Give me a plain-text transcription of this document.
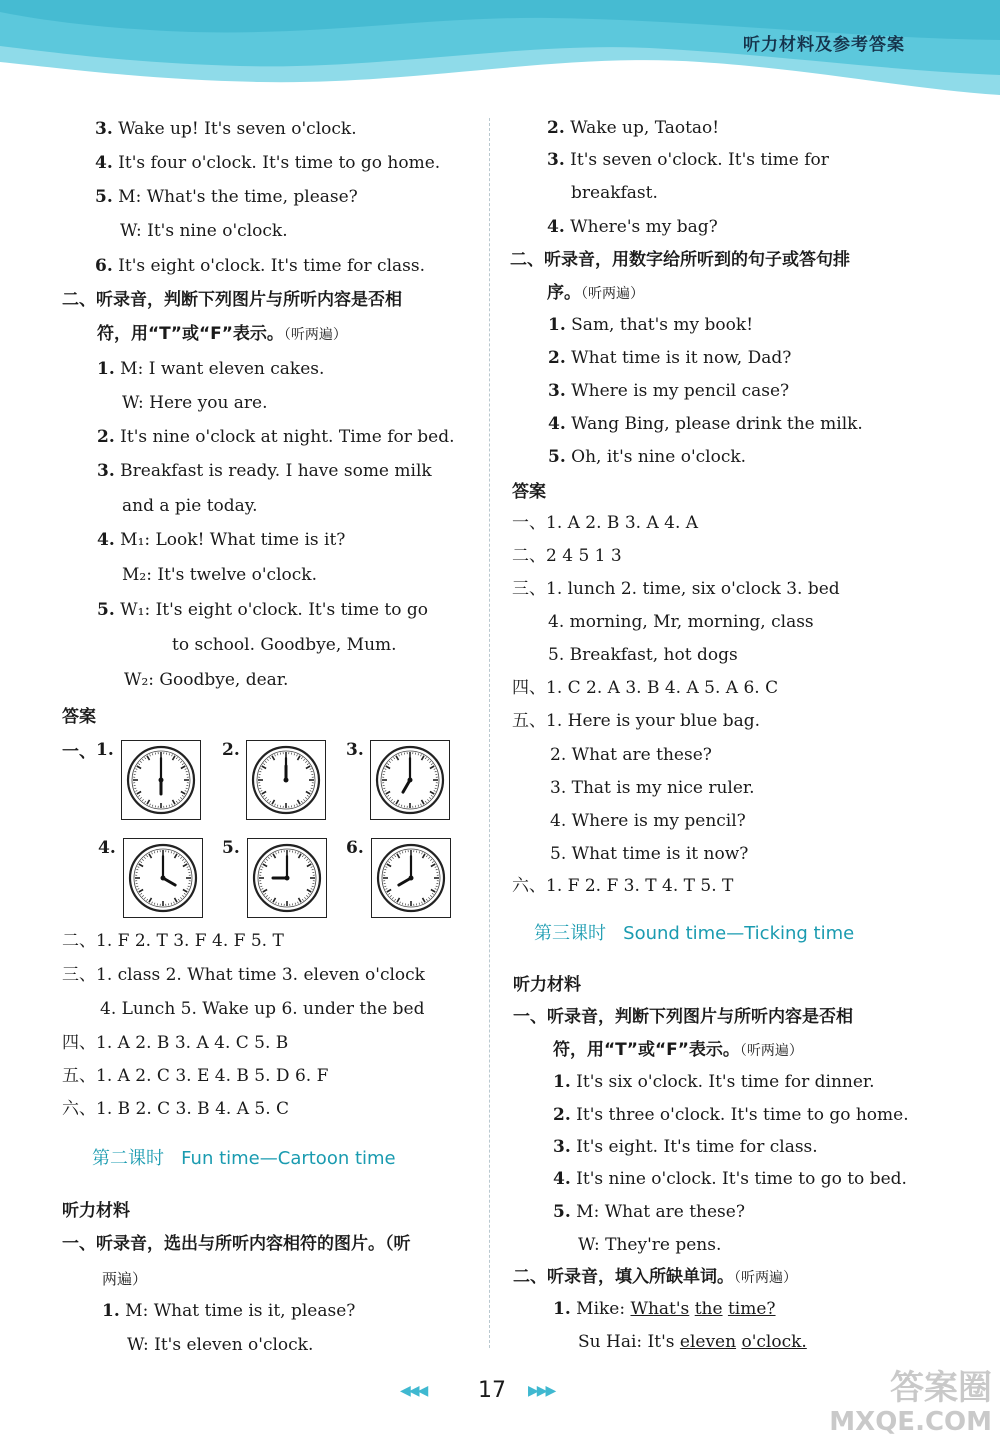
听力材料及参考答案
3. Wake up! It's seven o'clock.
4. It's four o'clock. It's time to go home.
5. M: What's the time, please?
W: It's nine o'clock.
6. It's eight o'clock. It's time for class.
二、听录音，判断下列图片与所听内容是否相
符，用“T”或“F”表示。（听两遍）
1. M: I want eleven cakes.
W: Here you are.
2. It's nine o'clock at night. Time for bed.
3. Breakfast is ready. I have some milk
and a pie today.
4. M₁: Look! What time is it?
M₂: It's twelve o'clock.
5. W₁: It's eight o'clock. It's time to go
to school. Goodbye, Mum.
W₂: Goodbye, dear.
答案
一、 1.	2.	3.
4.	5.	6.
二、1. F 2. T 3. F 4. F 5. T
三、1. class 2. What time 3. eleven o'clock
4. Lunch 5. Wake up 6. under the bed
四、1. A 2. B 3. A 4. C 5. B
五、1. A 2. C 3. E 4. B 5. D 6. F
六、1. B 2. C 3. B 4. A 5. C
第二课时 Fun time—Cartoon time
听力材料
一、听录音，选出与所听内容相符的图片。（听
两遍）
1. M: What time is it, please?
W: It's eleven o'clock.
2. Wake up, Taotao!
3. It's seven o'clock. It's time for
breakfast.
4. Where's my bag?
二、听录音，用数字给所听到的句子或答句排
序。（听两遍）
1. Sam, that's my book!
2. What time is it now, Dad?
3. Where is my pencil case?
4. Wang Bing, please drink the milk.
5. Oh, it's nine o'clock.
答案
一、1. A 2. B 3. A 4. A
二、2 4 5 1 3
三、1. lunch 2. time, six o'clock 3. bed
4. morning, Mr, morning, class
5. Breakfast, hot dogs
四、1. C 2. A 3. B 4. A 5. A 6. C
五、1. Here is your blue bag.
2. What are these?
3. That is my nice ruler.
4. Where is my pencil?
5. What time is it now?
六、1. F 2. F 3. T 4. T 5. T
第三课时 Sound time—Ticking time
听力材料
一、听录音，判断下列图片与所听内容是否相
符，用“T”或“F”表示。（听两遍）
1. It's six o'clock. It's time for dinner.
2. It's three o'clock. It's time to go home.
3. It's eight. It's time for class.
4. It's nine o'clock. It's time to go to bed.
5. M: What are these?
W: They're pens.
二、听录音，填入所缺单词。（听两遍）
1. Mike: What's the time?
Su Hai: It's eleven o'clock.
◀◀◀ 17 ▶▶▶	答案圈
MXQE.COM
